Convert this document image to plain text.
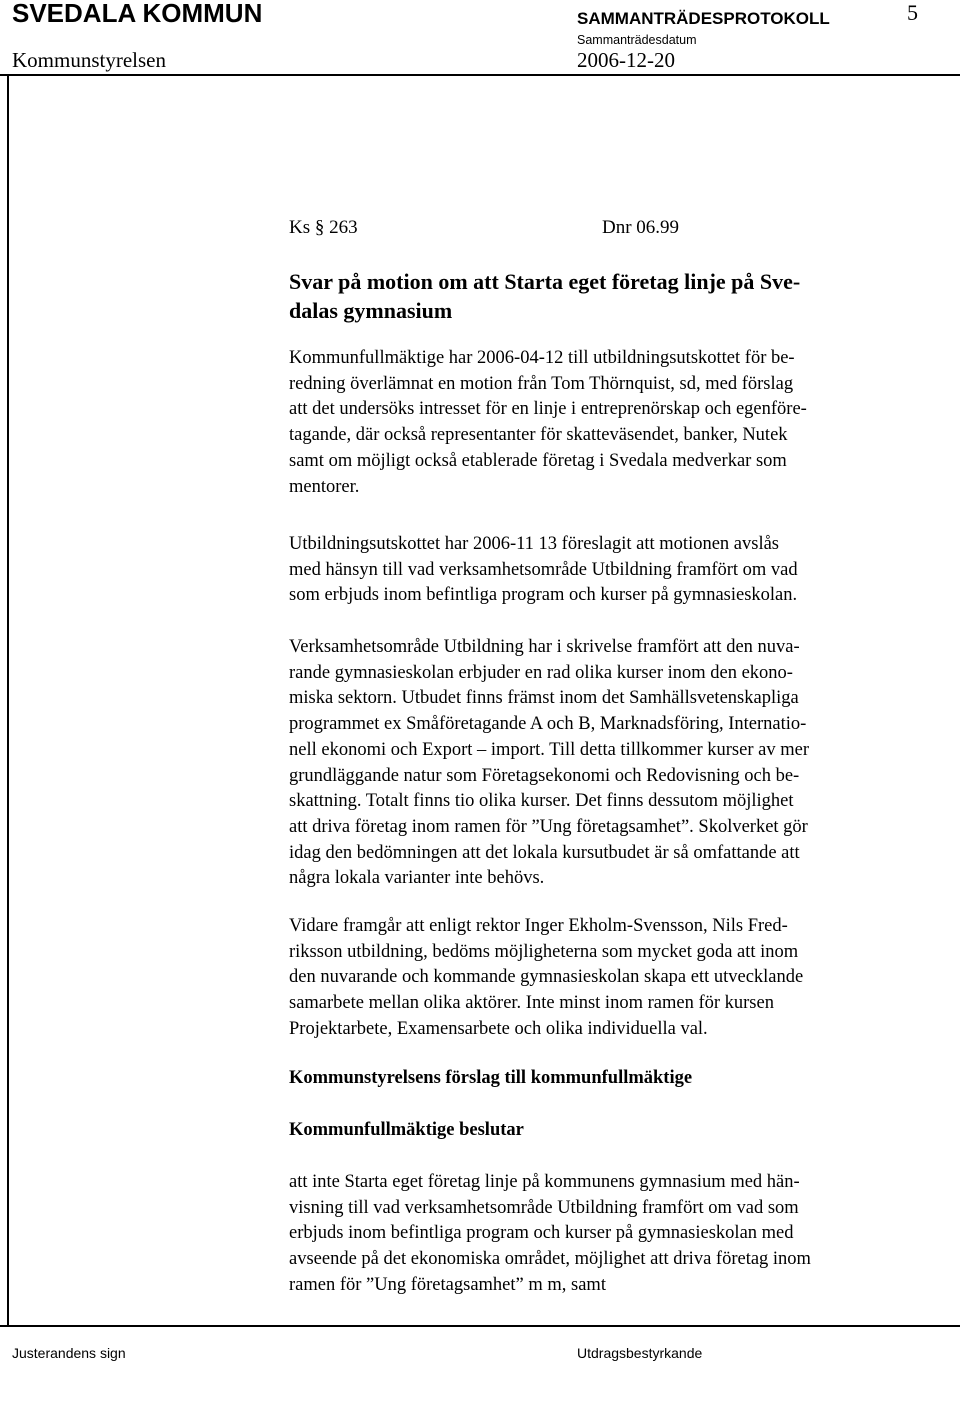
SVEDALA KOMMUN	SAMMANTRÄDESPROTOKOLL	5
Kommunstyrelsen
Sammanträdesdatum
2006-12-20
Ks § 263	Dnr 06.99
Svar på motion om att Starta eget företag linje på Sve-
dalas gymnasium
Kommunfullmäktige har 2006-04-12 till utbildningsutskottet för be-
redning överlämnat en motion från Tom Thörnquist, sd, med förslag
att det undersöks intresset för en linje i entreprenörskap och egenföre-
tagande, där också representanter för skatteväsendet, banker, Nutek
samt om möjligt också etablerade företag i Svedala medverkar som
mentorer.
Utbildningsutskottet har 2006-11 13 föreslagit att motionen avslås
med hänsyn till vad verksamhetsområde Utbildning framfört om vad
som erbjuds inom befintliga program och kurser på gymnasieskolan.
Verksamhetsområde Utbildning har i skrivelse framfört att den nuva-
rande gymnasieskolan erbjuder en rad olika kurser inom den ekono-
miska sektorn. Utbudet finns främst inom det Samhällsvetenskapliga
programmet ex Småföretagande A och B, Marknadsföring, Internatio-
nell ekonomi och Export – import. Till detta tillkommer kurser av mer
grundläggande natur som Företagsekonomi och Redovisning och be-
skattning. Totalt finns tio olika kurser. Det finns dessutom möjlighet
att driva företag inom ramen för ”Ung företagsamhet”. Skolverket gör
idag den bedömningen att det lokala kursutbudet är så omfattande att
några lokala varianter inte behövs.
Vidare framgår att enligt rektor Inger Ekholm-Svensson, Nils Fred-
riksson utbildning, bedöms möjligheterna som mycket goda att inom
den nuvarande och kommande gymnasieskolan skapa ett utvecklande
samarbete mellan olika aktörer. Inte minst inom ramen för kursen
Projektarbete, Examensarbete och olika individuella val.
Kommunstyrelsens förslag till kommunfullmäktige
Kommunfullmäktige beslutar
att inte Starta eget företag linje på kommunens gymnasium med hän-
visning till vad verksamhetsområde Utbildning framfört om vad som
erbjuds inom befintliga program och kurser på gymnasieskolan med
avseende på det ekonomiska området, möjlighet att driva företag inom
ramen för ”Ung företagsamhet” m m, samt
Justerandens sign	Utdragsbestyrkande
